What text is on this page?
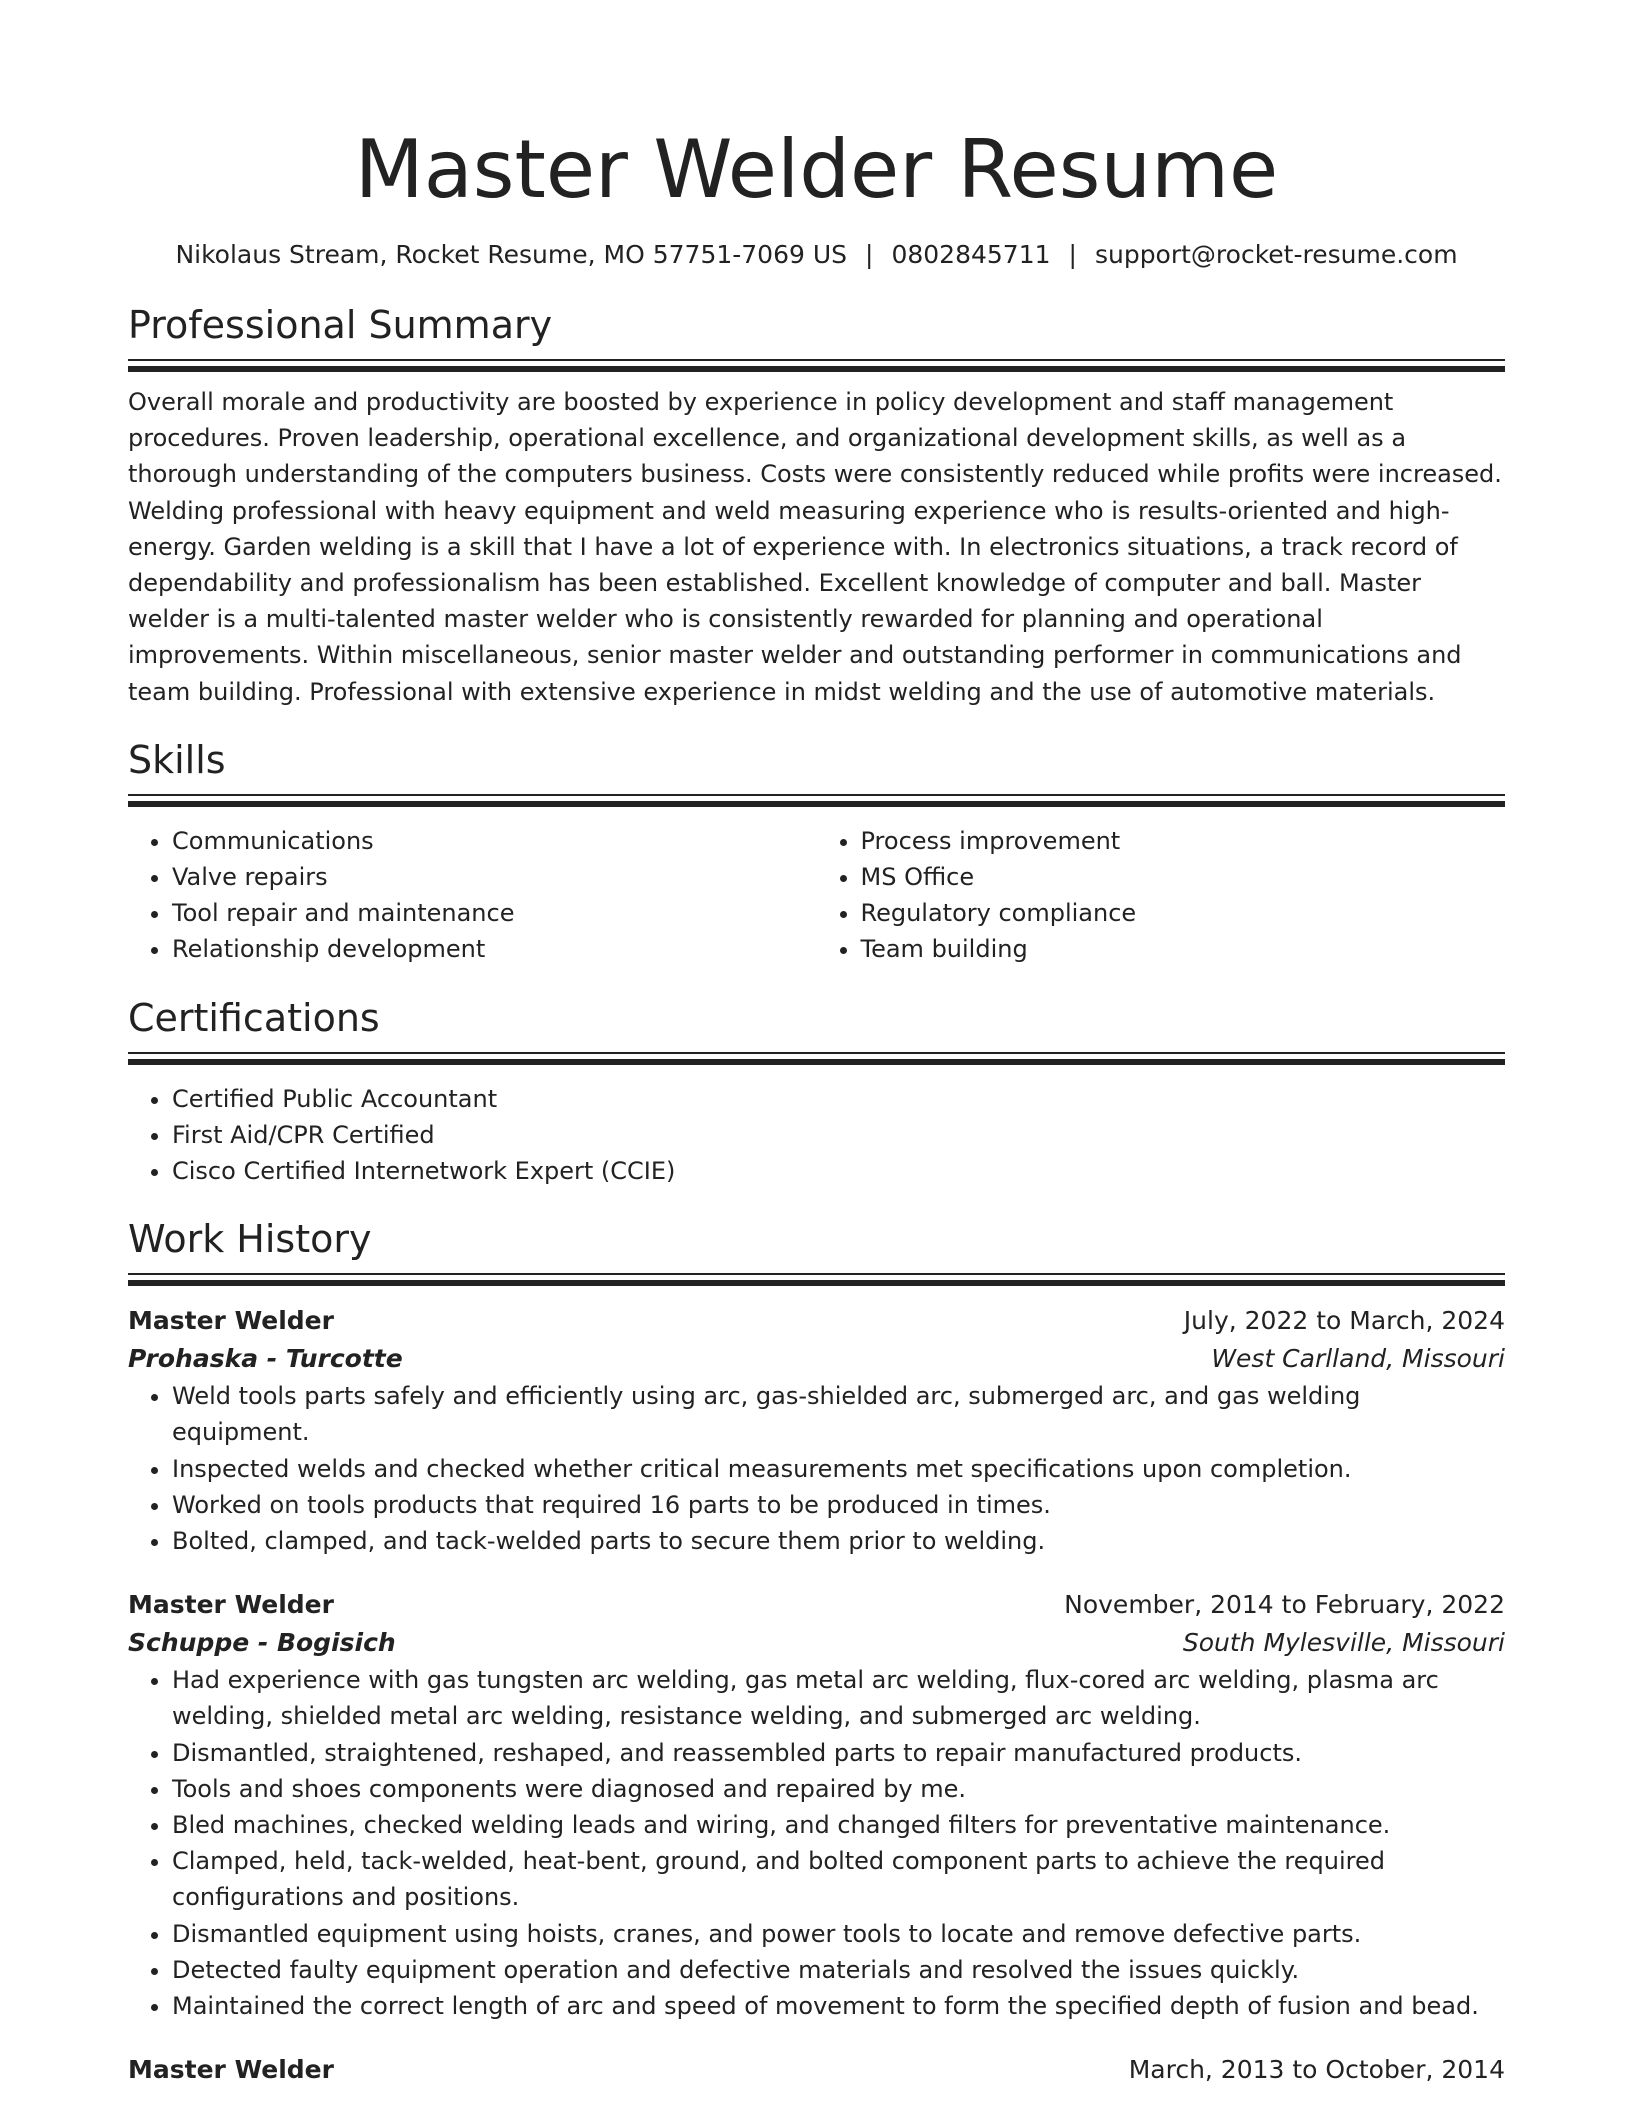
Master Welder Resume
Nikolaus Stream, Rocket Resume, MO 57751-7069 US | 0802845711 | support@rocket-resume.com
Professional Summary

Overall morale and productivity are boosted by experience in policy development and staff management procedures. Proven leadership, operational excellence, and organizational development skills, as well as a thorough understanding of the computers business. Costs were consistently reduced while profits were increased. Welding professional with heavy equipment and weld measuring experience who is results-oriented and high-energy. Garden welding is a skill that I have a lot of experience with. In electronics situations, a track record of dependability and professionalism has been established. Excellent knowledge of computer and ball. Master welder is a multi-talented master welder who is consistently rewarded for planning and operational improvements. Within miscellaneous, senior master welder and outstanding performer in communications and team building. Professional with extensive experience in midst welding and the use of automotive materials.

Skills
• Communications
• Valve repairs
• Tool repair and maintenance
• Relationship development
• Process improvement
• MS Office
• Regulatory compliance
• Team building
Certifications
• Certified Public Accountant
• First Aid/CPR Certified
• Cisco Certified Internetwork Expert (CCIE)
Work History
Master Welder	July, 2022 to March, 2024
Prohaska - Turcotte	West Carlland, Missouri
• Weld tools parts safely and efficiently using arc, gas-shielded arc, submerged arc, and gas welding equipment.
• Inspected welds and checked whether critical measurements met specifications upon completion.
• Worked on tools products that required 16 parts to be produced in times.
• Bolted, clamped, and tack-welded parts to secure them prior to welding.
Master Welder	November, 2014 to February, 2022
Schuppe - Bogisich	South Mylesville, Missouri
• Had experience with gas tungsten arc welding, gas metal arc welding, flux-cored arc welding, plasma arc welding, shielded metal arc welding, resistance welding, and submerged arc welding.
• Dismantled, straightened, reshaped, and reassembled parts to repair manufactured products.
• Tools and shoes components were diagnosed and repaired by me.
• Bled machines, checked welding leads and wiring, and changed filters for preventative maintenance.
• Clamped, held, tack-welded, heat-bent, ground, and bolted component parts to achieve the required configurations and positions.
• Dismantled equipment using hoists, cranes, and power tools to locate and remove defective parts.
• Detected faulty equipment operation and defective materials and resolved the issues quickly.
• Maintained the correct length of arc and speed of movement to form the specified depth of fusion and bead.
Master Welder	March, 2013 to October, 2014
